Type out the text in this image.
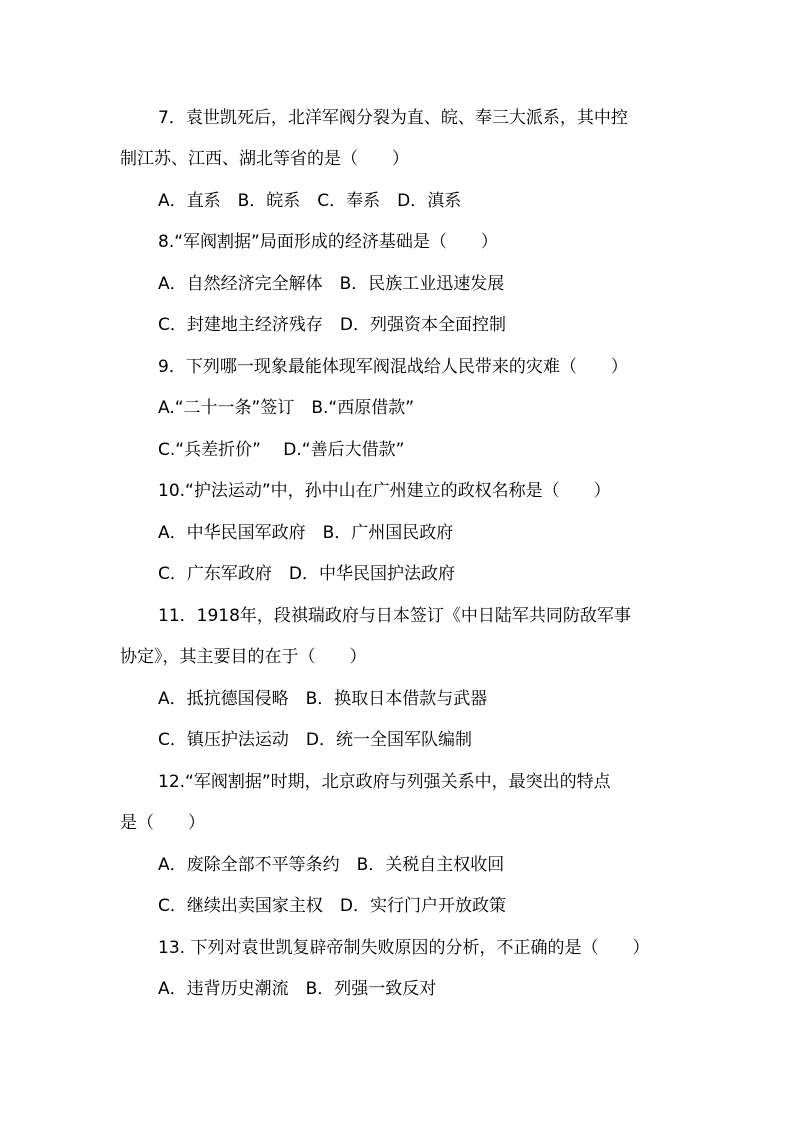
7．袁世凯死后，北洋军阀分裂为直、皖、奉三大派系，其中控
制江苏、江西、湖北等省的是（　　）
A．直系　B．皖系　C．奉系　D．滇系
8.“军阀割据”局面形成的经济基础是（　　）
A．自然经济完全解体　B．民族工业迅速发展
C．封建地主经济残存　D．列强资本全面控制
9．下列哪一现象最能体现军阀混战给人民带来的灾难（　　）
A.“二十一条”签订　B.“西原借款”
C.“兵差折价”　 D.“善后大借款”
10.“护法运动”中，孙中山在广州建立的政权名称是（　　）
A．中华民国军政府　B．广州国民政府
C．广东军政府　D．中华民国护法政府
11．1918年，段祺瑞政府与日本签订《中日陆军共同防敌军事
协定》，其主要目的在于（　　）
A．抵抗德国侵略　B．换取日本借款与武器
C．镇压护法运动　D．统一全国军队编制
12.“军阀割据”时期，北京政府与列强关系中，最突出的特点
是（　　）
A．废除全部不平等条约　B．关税自主权收回
C．继续出卖国家主权　D．实行门户开放政策
13. 下列对袁世凯复辟帝制失败原因的分析，不正确的是（　　）
A．违背历史潮流　B．列强一致反对
